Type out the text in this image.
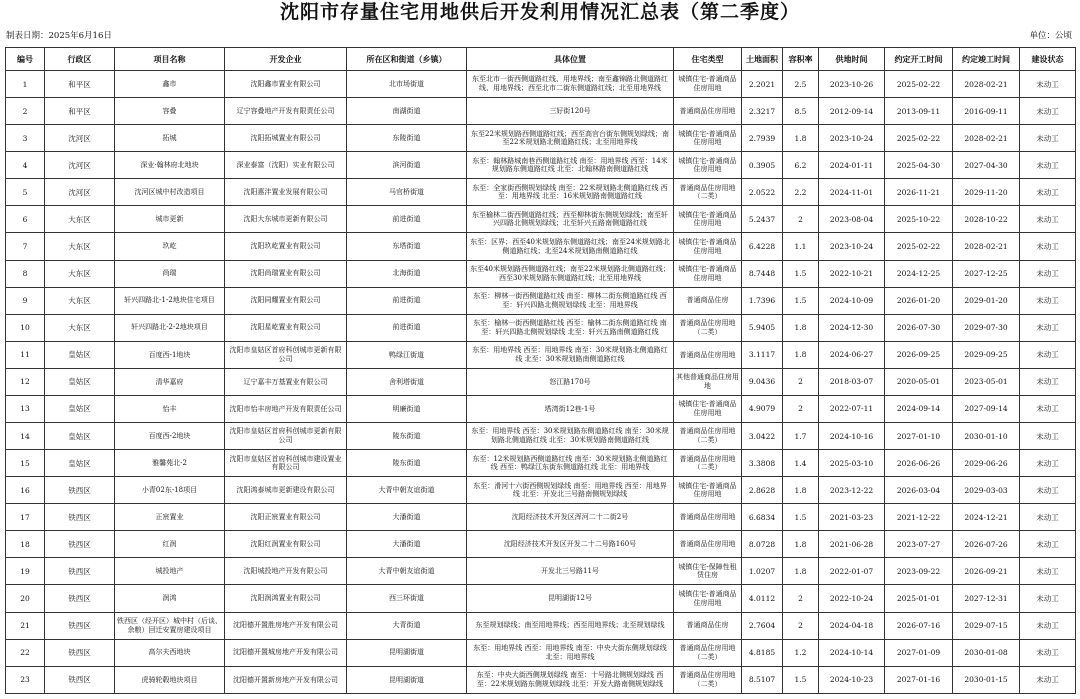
沈阳市存量住宅用地供后开发利用情况汇总表（第二季度）
制表日期：2025年6月16日	单位：公顷
编号	行政区	项目名称	开发企业	所在区和街道（乡镇）	具体位置	住宅类型	土地面积	容积率	供地时间	约定开工时间	约定竣工时间	建设状态
1	和平区	鑫市	沈阳鑫市置业有限公司	北市场街道	东至北市一街西侧道路红线、用地界线；南至鑫锦路北侧道路红线、用地界线；西至北市二街东侧道路红线；北至用地界线	城镇住宅-普通商品住房用地	2.2021	2.5	2023-10-26	2025-02-22	2028-02-21	未动工
2	和平区	容叠	辽宁容叠地产开发有限责任公司	南湖街道	三好街120号	普通商品住房用地	2.3217	8.5	2012-09-14	2013-09-11	2016-09-11	未动工
3	沈河区	拓城	沈阳拓城置业有限公司	东陵街道	东至22米规划路西侧道路红线；西至高官台街东侧规划绿线；南至22米规划路北侧道路红线；北至用地界线	城镇住宅-普通商品住房用地	2.7939	1.8	2023-10-24	2025-02-22	2028-02-21	未动工
4	沈河区	深业·翰林府北地块	深业泰富（沈阳）实业有限公司	滨河街道	东至：翰林路城南巷西侧道路红线 南至：用地界线 西至：14米规划路东侧道路红线 北至：北翰林路南侧道路红线	城镇住宅-普通商品住房用地	0.3905	6.2	2024-01-11	2025-04-30	2027-04-30	未动工
5	沈河区	沈河区城中村改造项目	沈阳惠沣置业发展有限公司	马官桥街道	东至：全家街西侧规划绿线 南至：22米规划路北侧道路红线 西至：用地界线 北至：16米规划路南侧道路红线	普通商品住房用地（二类）	2.0522	2.2	2024-11-01	2026-11-21	2029-11-20	未动工
6	大东区	城市更新	沈阳大东城市更新有限公司	前进街道	东至榆林二街西侧道路红线；西至柳林街东侧规划绿线；南至轩兴四路北侧规划绿线；北至轩兴五路南侧道路红线	城镇住宅-普通商品住房用地	5.2437	2	2023-08-04	2025-10-22	2028-10-22	未动工
7	大东区	玖屹	沈阳玖屹置业有限公司	东塔街道	东至：区界；西至40米规划路东侧道路红线；南至24米规划路北侧道路红线；北至24米规划路南侧道路红线	城镇住宅-普通商品住房用地	6.4228	1.1	2023-10-24	2025-02-22	2028-02-21	未动工
8	大东区	尚瑞	沈阳尚瑞置业有限公司	北海街道	东至40米规划路西侧道路红线；南至22米规划路北侧道路红线；西至30米规划路东侧道路红线；北至用地界线	城镇住宅-普通商品住房用地	8.7448	1.5	2022-10-21	2024-12-25	2027-12-25	未动工
9	大东区	轩兴四路北-1-2地块住宅项目	沈阳同耀置业有限公司	前进街道	东至：柳林一街西侧道路红线 南至：柳林二街东侧道路红线 西至：轩兴四路北侧规划绿线 北至：用地界线	普通商品住房	1.7396	1.5	2024-10-09	2026-01-20	2029-01-20	未动工
10	大东区	轩兴四路北-2-2地块项目	沈阳星屹置业有限公司	前进街道	东至：榆林一街西侧道路红线 西至：榆林二街东侧道路红线 南至：轩兴四路北侧规划绿线 北至：轩兴五路南侧道路红线	普通商品住房用地（二类）	5.9405	1.8	2024-12-30	2026-07-30	2029-07-30	未动工
11	皇姑区	百度西-1地块	沈阳市皇姑区首府科创城市更新有限公司	鸭绿江街道	东至：用地界线 西至：用地界线 南至：30米规划路北侧道路红线 北至：30米规划路南侧道路红线	普通商品住房用地	3.1117	1.8	2024-06-27	2026-09-25	2029-09-25	未动工
12	皇姑区	清华嘉府	辽宁嘉丰万基置业有限公司	舍利塔街道	怒江路170号	其他普通商品住房用地	9.0436	2	2018-03-07	2020-05-01	2023-05-01	未动工
13	皇姑区	怡丰	沈阳市怡丰房地产开发有限责任公司	明廉街道	塔湾街12巷-1号	城镇住宅-普通商品住房用地	4.9079	2	2022-07-11	2024-09-14	2027-09-14	未动工
14	皇姑区	百度西-2地块	沈阳市皇姑区首府科创城市更新有限公司	陵东街道	东至：用地界线 西至：30米规划路东侧道路红线 南至：30米规划路北侧道路红线 北至：30米规划路南侧道路红线	普通商品住房用地（二类）	3.0422	1.7	2024-10-16	2027-01-10	2030-01-10	未动工
15	皇姑区	雅馨苑北-2	沈阳市皇姑区首府科创城市建设置业有限公司	陵东街道	东至：12米规划路西侧道路红线 南至：30米规划路北侧道路红线 西至：鸭绿江东街东侧道路红线 北至：用地界线	普通商品住房用地（二类）	3.3808	1.4	2025-03-10	2026-06-26	2029-06-26	未动工
16	铁西区	小青02东-18项目	沈阳鸿泰城市更新建设有限公司	大青中朝友谊街道	东至：滑河十六街西侧规划绿线 南至：用地界线 西至：用地界线 北至：开发北三号路南侧规划绿线	城镇住宅-普通商品住房用地	2.8628	1.8	2023-12-22	2026-03-04	2029-03-03	未动工
17	铁西区	正宸置业	沈阳正宸置业有限公司	大潘街道	沈阳经济技术开发区浑河二十二街2号	普通商品住房用地	6.6834	1.5	2021-03-23	2021-12-22	2024-12-21	未动工
18	铁西区	红润	沈阳红润置业有限公司	大潘街道	沈阳经济技术开发区开发二十二号路160号	普通商品住房用地	8.0728	1.8	2021-06-28	2023-07-27	2026-07-26	未动工
19	铁西区	城投地产	沈阳城投地产开发有限公司	大青中朝友谊街道	开发北三号路11号	城镇住宅-保障性租赁住房	1.0207	1.8	2022-01-07	2023-09-22	2026-09-21	未动工
20	铁西区	润鸿	沈阳润鸿置业有限公司	西三环街道	昆明湖街12号	城镇住宅-普通商品住房用地	4.0112	2	2022-10-24	2025-01-01	2027-12-31	未动工
21	铁西区	铁西区（经开区）城中村（后谈、余粮）回迁安置房建设项目	沈阳德开置胜房地产开发有限公司	大青街道	东至规划绿线；南至用地界线；西至用地界线；北至规划绿线	普通商品住房	2.7604	2	2024-04-18	2026-07-16	2029-07-15	未动工
22	铁西区	高尔夫西地块	沈阳德开置城房地产开发有限公司	昆明湖街道	东至：用地界线 西至：用地界线 南至：中央大街东侧规划绿线 北至：用地界线	普通商品住房用地（二类）	4.8185	1.2	2024-10-14	2027-01-09	2030-01-08	未动工
23	铁西区	虎骑轮毂地块项目	沈阳德开置新房地产开发有限公司	昆明湖街道	东至：中央大街西侧规划绿线 南至：十号路北侧规划绿线 西至：22米规划路东侧规划绿线 北至：开发大路南侧规划绿线	普通商品住房用地（二类）	8.5107	1.5	2024-10-23	2027-01-16	2030-01-15	未动工
